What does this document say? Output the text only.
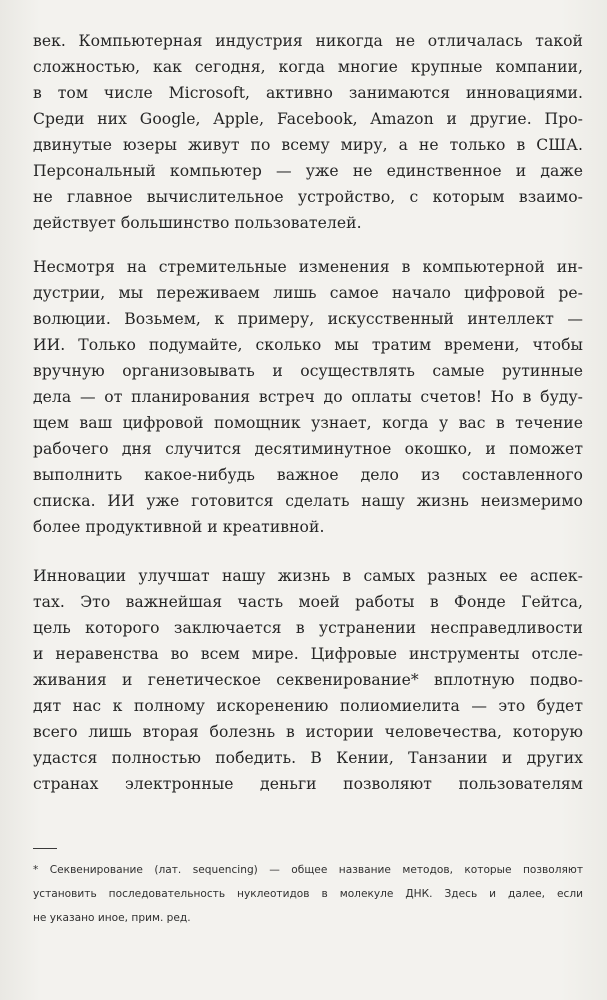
век. Компьютерная индустрия никогда не отличалась такой
сложностью, как сегодня, когда многие крупные компании,
в том числе Microsoft, активно занимаются инновациями.
Среди них Google, Apple, Facebook, Amazon и другие. Про-
двинутые юзеры живут по всему миру, а не только в США.
Персональный компьютер — уже не единственное и даже
не главное вычислительное устройство, с которым взаимо-
действует большинство пользователей.
Несмотря на стремительные изменения в компьютерной ин-
дустрии, мы переживаем лишь самое начало цифровой ре-
волюции. Возьмем, к примеру, искусственный интеллект —
ИИ. Только подумайте, сколько мы тратим времени, чтобы
вручную организовывать и осуществлять самые рутинные
дела — от планирования встреч до оплаты счетов! Но в буду-
щем ваш цифровой помощник узнает, когда у вас в течение
рабочего дня случится десятиминутное окошко, и поможет
выполнить какое-нибудь важное дело из составленного
списка. ИИ уже готовится сделать нашу жизнь неизмеримо
более продуктивной и креативной.
Инновации улучшат нашу жизнь в самых разных ее аспек-
тах. Это важнейшая часть моей работы в Фонде Гейтса,
цель которого заключается в устранении несправедливости
и неравенства во всем мире. Цифровые инструменты отсле-
живания и генетическое секвенирование* вплотную подво-
дят нас к полному искоренению полиомиелита — это будет
всего лишь вторая болезнь в истории человечества, которую
удастся полностью победить. В Кении, Танзании и других
странах электронные деньги позволяют пользователям
* Секвенирование (лат. sequencing) — общее название методов, которые позволяют
установить последовательность нуклеотидов в молекуле ДНК. Здесь и далее, если
не указано иное, прим. ред.
